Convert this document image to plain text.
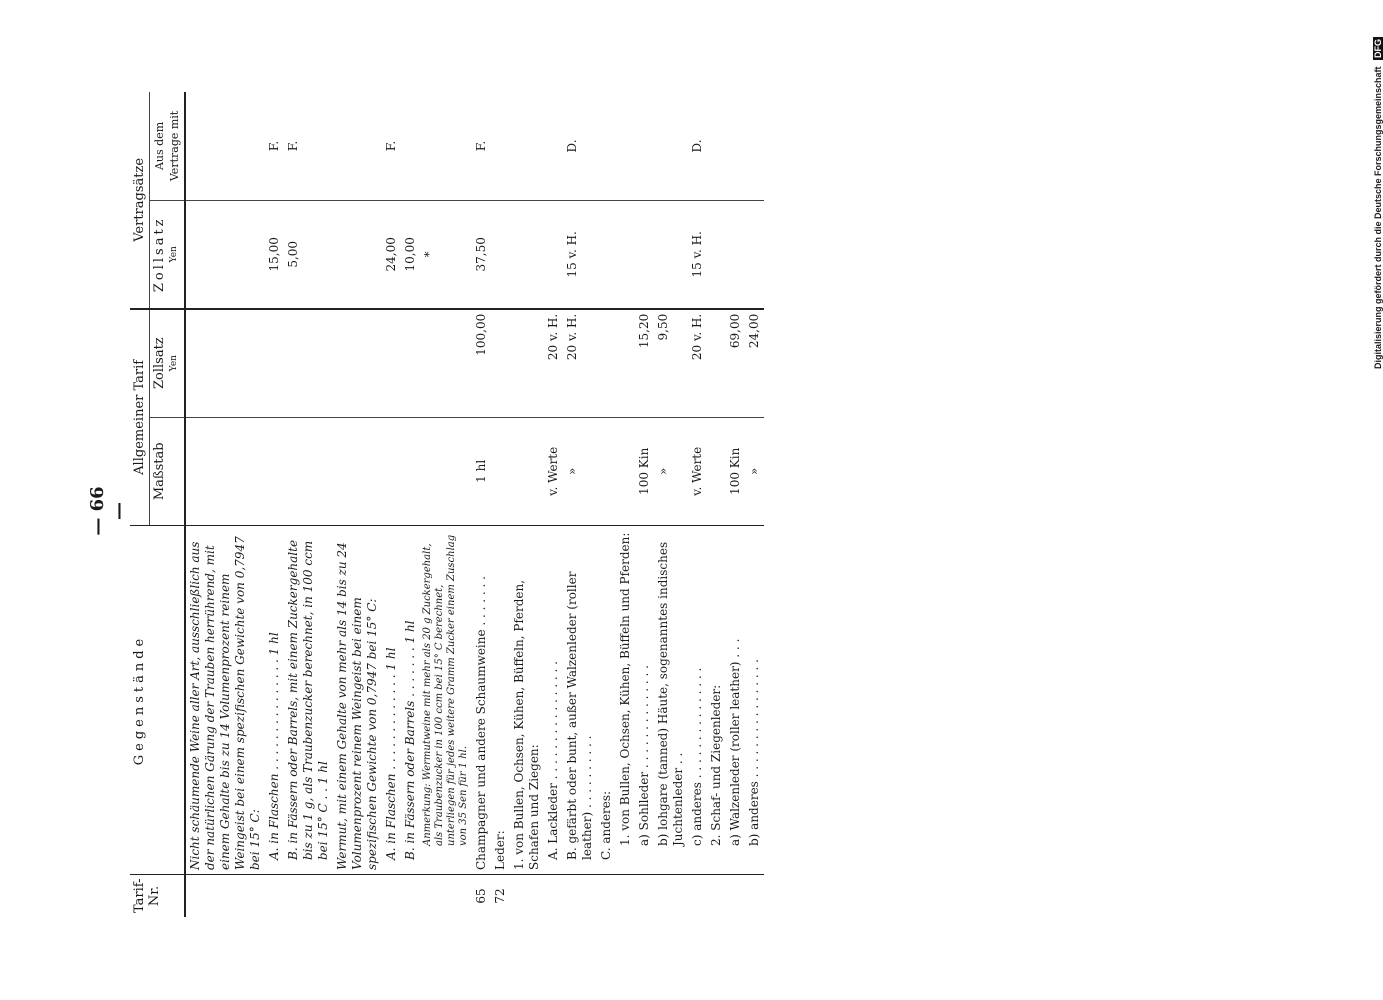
— 66 —
Digitalisierung gefördert durch die Deutsche Forschungsgemeinschaft DFG
Tarif-Nr.	Gegenstände	Allgemeiner Tarif		Vertragsätze	
		Maßstab	Zollsatz Yen	Zollsatz Yen	Aus dem Vertrage mit
	Nicht schäumende Weine aller Art, ausschließlich aus der natürlichen Gärung der Trauben herrührend, mit einem Gehalte bis zu 14 Volumenprozent reinem Weingeist bei einem spezifischen Gewichte von 0,7947 bei 15° C:				
	A. in Flaschen . . . . . . . . . . . . . . . 1 hl			15,00	F.
	B. in Fässern oder Barrels, mit einem Zuckergehalte bis zu 1 g, als Traubenzucker berechnet, in 100 ccm bei 15° C . . 1 hl			5,00	F.
	Wermut, mit einem Gehalte von mehr als 14 bis zu 24 Volumenprozent reinem Weingeist bei einem spezifischen Gewichte von 0,7947 bei 15° C:				
	A. in Flaschen . . . . . . . . . . . . . 1 hl			24,00	F.
	B. in Fässern oder Barrels . . . . . . . 1 hl			10,00	
	Anmerkung: Wermutweine mit mehr als 20 g Zuckergehalt, als Traubenzucker in 100 ccm bei 15° C berechnet, unterliegen für jedes weitere Gramm Zucker einem Zuschlag von 35 Sen für 1 hl.			*	
65	Champagner und andere Schaumweine . . . . . . .	1 hl	100,00	37,50	F.
72	Leder:				
	1. von Bullen, Ochsen, Kühen, Büffeln, Pferden, Schafen und Ziegen:				
	A. Lackleder . . . . . . . . . . . . . . . .	v. Werte	20 v. H.		
	B. gefärbt oder bunt, außer Walzenleder (roller leather) . . . . . . . . . .	»	20 v. H.	15 v. H.	D.
	C. anderes:				
	1. von Bullen, Ochsen, Kühen, Büffeln und Pferden:				
	a) Sohlleder . . . . . . . . . . . . . .	100 Kin	15,20		
	b) lohgare (tanned) Häute, sogenanntes indisches Juchtenleder . .	»	9,50		
	c) anderes . . . . . . . . . . . . . . .	v. Werte	20 v. H.	15 v. H.	D.
	2. Schaf- und Ziegenleder:				
	a) Walzenleder (roller leather) . . .	100 Kin	69,00		
	b) anderes . . . . . . . . . . . . . . . .	»	24,00		
